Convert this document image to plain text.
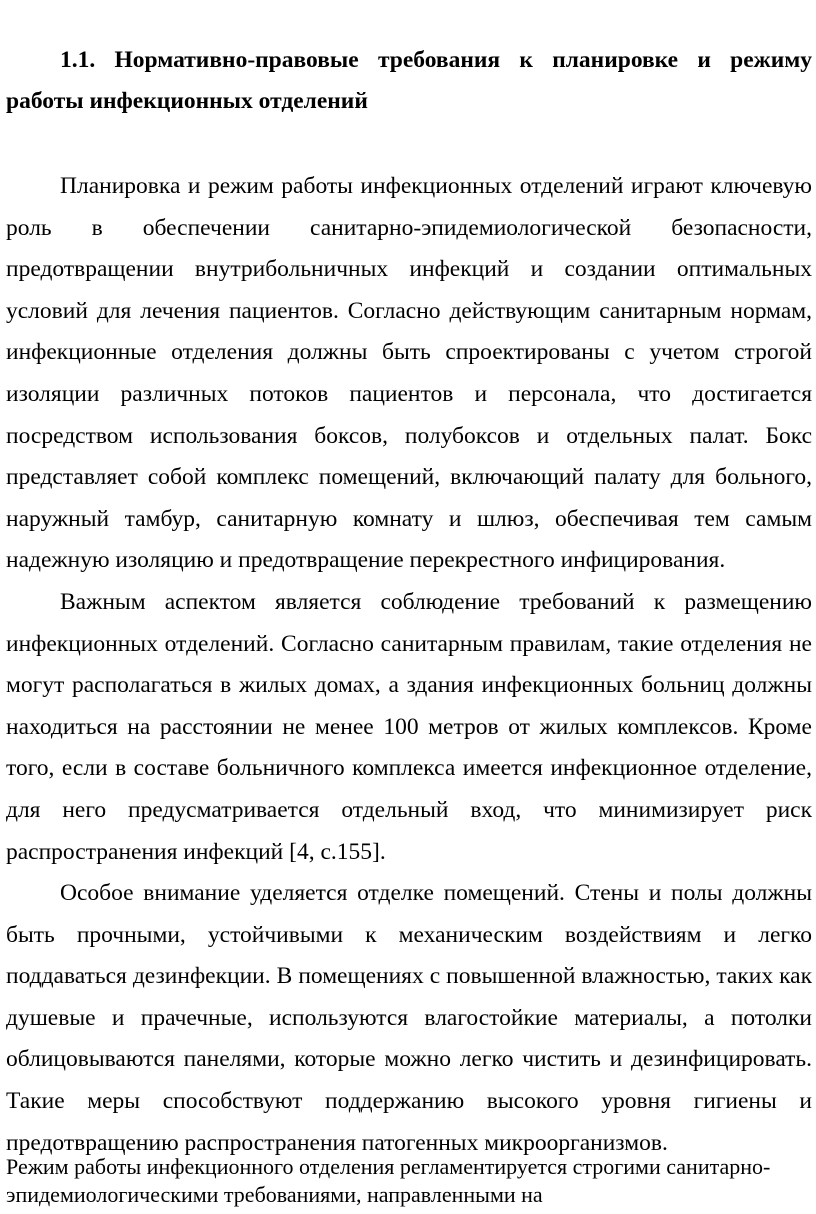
1.1. Нормативно-правовые требования к планировке и режиму работы инфекционных отделений

Планировка и режим работы инфекционных отделений играют ключевую роль в обеспечении санитарно-эпидемиологической безопасности, предотвращении внутрибольничных инфекций и создании оптимальных условий для лечения пациентов. Согласно действующим санитарным нормам, инфекционные отделения должны быть спроектированы с учетом строгой изоляции различных потоков пациентов и персонала, что достигается посредством использования боксов, полубоксов и отдельных палат. Бокс представляет собой комплекс помещений, включающий палату для больного, наружный тамбур, санитарную комнату и шлюз, обеспечивая тем самым надежную изоляцию и предотвращение перекрестного инфицирования.

Важным аспектом является соблюдение требований к размещению инфекционных отделений. Согласно санитарным правилам, такие отделения не могут располагаться в жилых домах, а здания инфекционных больниц должны находиться на расстоянии не менее 100 метров от жилых комплексов. Кроме того, если в составе больничного комплекса имеется инфекционное отделение, для него предусматривается отдельный вход, что минимизирует риск распространения инфекций [4, с.155].

Особое внимание уделяется отделке помещений. Стены и полы должны быть прочными, устойчивыми к механическим воздействиям и легко поддаваться дезинфекции. В помещениях с повышенной влажностью, таких как душевые и прачечные, используются влагостойкие материалы, а потолки облицовываются панелями, которые можно легко чистить и дезинфицировать. Такие меры способствуют поддержанию высокого уровня гигиены и предотвращению распространения патогенных микроорганизмов.

Режим работы инфекционного отделения регламентируется строгими санитарно-эпидемиологическими требованиями, направленными на
